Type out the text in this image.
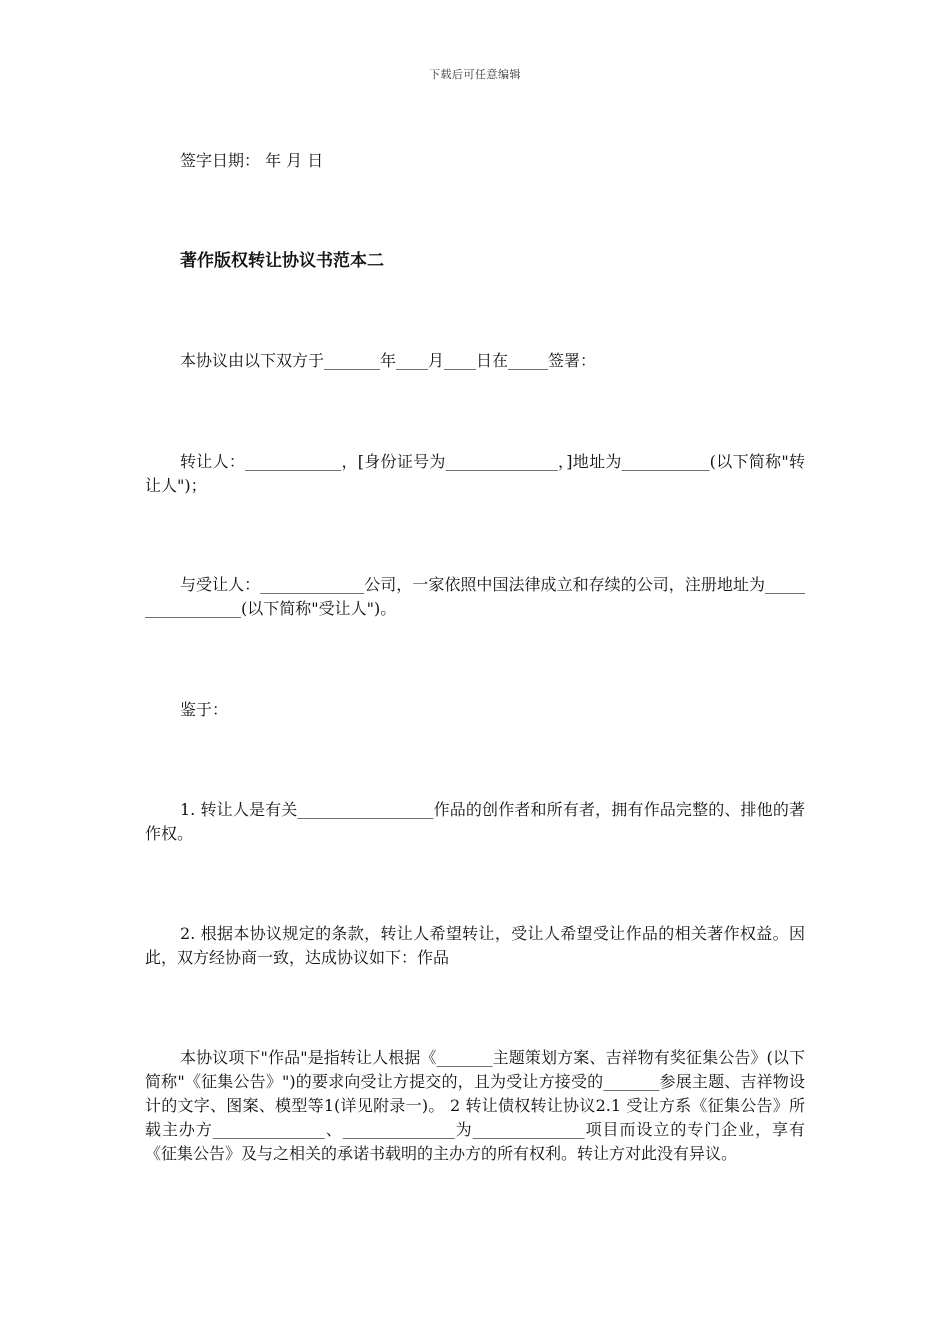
下载后可任意编辑
签字日期： 年 月 日
著作版权转让协议书范本二
本协议由以下双方于_______年____月____日在_____签署：
转让人：____________，[身份证号为______________，]地址为___________(以下简称"转让人")；
与受让人：_____________公司，一家依照中国法律成立和存续的公司，注册地址为_________________(以下简称"受让人")。
鉴于：
1. 转让人是有关_________________作品的创作者和所有者，拥有作品完整的、排他的著作权。
2. 根据本协议规定的条款，转让人希望转让，受让人希望受让作品的相关著作权益。因此，双方经协商一致，达成协议如下：作品
本协议项下"作品"是指转让人根据《_______主题策划方案、吉祥物有奖征集公告》(以下简称"《征集公告》")的要求向受让方提交的，且为受让方接受的_______参展主题、吉祥物设计的文字、图案、模型等1(详见附录一)。 2 转让债权转让协议2.1 受让方系《征集公告》所载主办方______________、______________为______________项目而设立的专门企业，享有《征集公告》及与之相关的承诺书载明的主办方的所有权利。转让方对此没有异议。
